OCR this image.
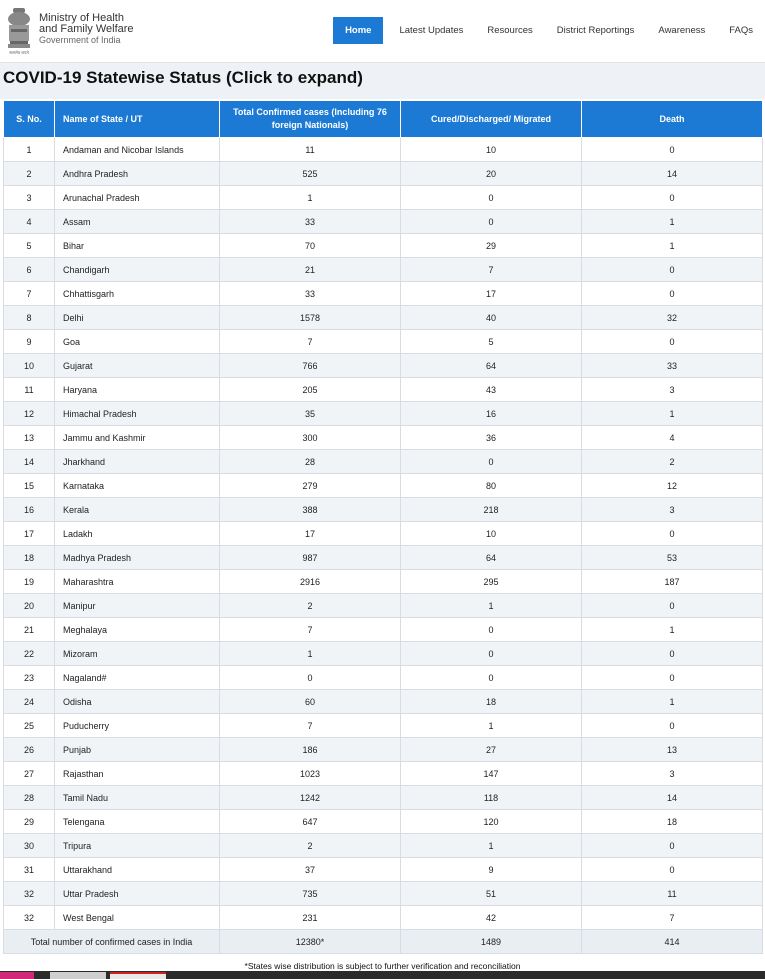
सत्यमेव जयते
Ministry of Health
and Family Welfare
Government of India
Home	Latest Updates	Resources	District Reportings	Awareness	FAQs
COVID-19 Statewise Status (Click to expand)
S. No.	Name of State / UT	Total Confirmed cases (Including 76 foreign Nationals)	Cured/Discharged/ Migrated	Death
1	Andaman and Nicobar Islands	11	10	0
2	Andhra Pradesh	525	20	14
3	Arunachal Pradesh	1	0	0
4	Assam	33	0	1
5	Bihar	70	29	1
6	Chandigarh	21	7	0
7	Chhattisgarh	33	17	0
8	Delhi	1578	40	32
9	Goa	7	5	0
10	Gujarat	766	64	33
11	Haryana	205	43	3
12	Himachal Pradesh	35	16	1
13	Jammu and Kashmir	300	36	4
14	Jharkhand	28	0	2
15	Karnataka	279	80	12
16	Kerala	388	218	3
17	Ladakh	17	10	0
18	Madhya Pradesh	987	64	53
19	Maharashtra	2916	295	187
20	Manipur	2	1	0
21	Meghalaya	7	0	1
22	Mizoram	1	0	0
23	Nagaland#	0	0	0
24	Odisha	60	18	1
25	Puducherry	7	1	0
26	Punjab	186	27	13
27	Rajasthan	1023	147	3
28	Tamil Nadu	1242	118	14
29	Telengana	647	120	18
30	Tripura	2	1	0
31	Uttarakhand	37	9	0
32	Uttar Pradesh	735	51	11
32	West Bengal	231	42	7
Total number of confirmed cases in India		12380*	1489	414
*States wise distribution is subject to further verification and reconciliation
